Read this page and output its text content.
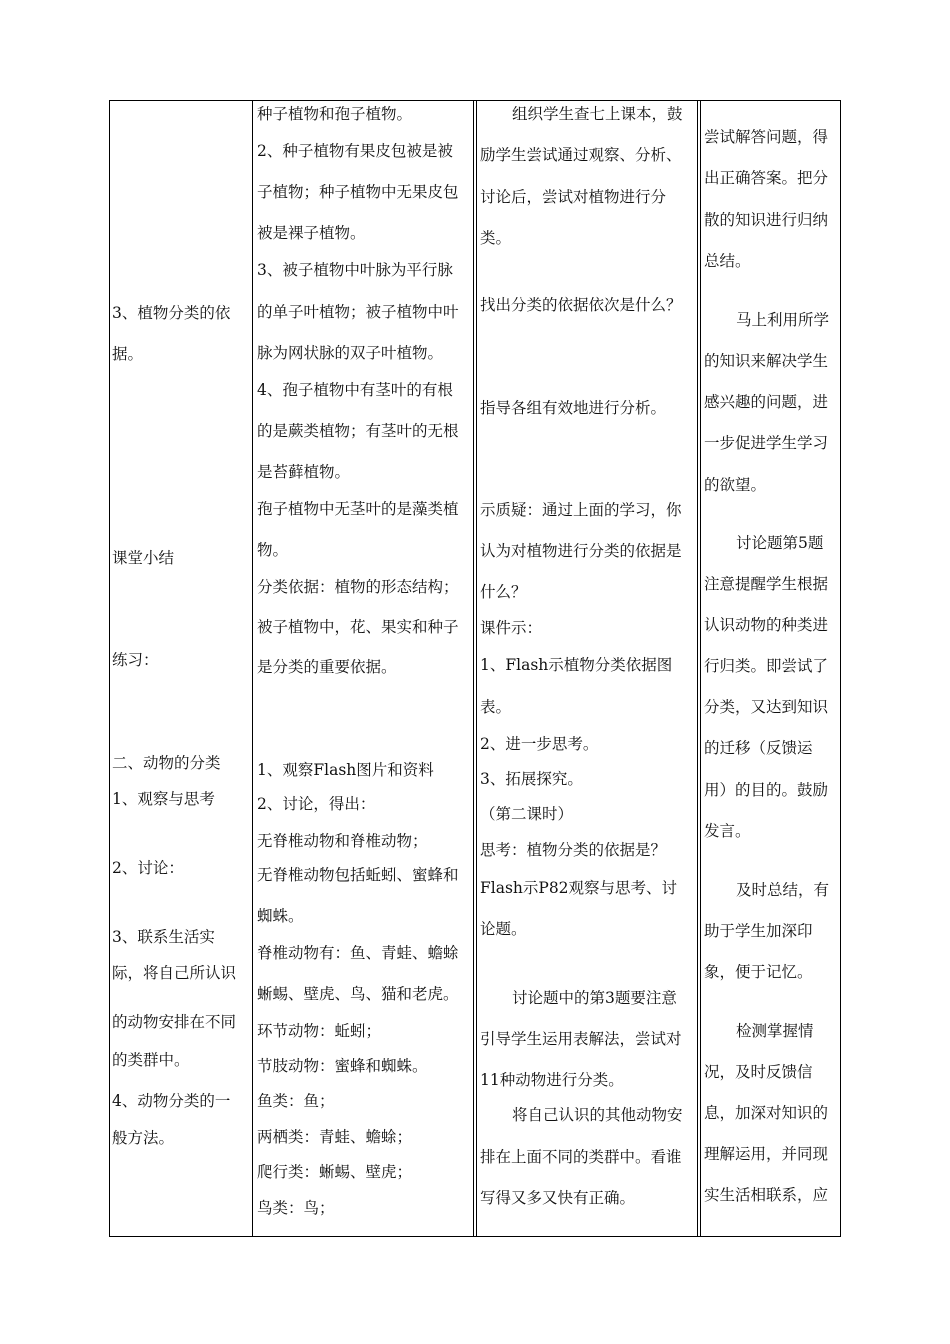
3、植物分类的依
据。
课堂小结
练习：
二、动物的分类
1、观察与思考
2、讨论：
3、联系生活实
际，将自己所认识
的动物安排在不同
的类群中。
4、动物分类的一
般方法。
种子植物和孢子植物。
2、种子植物有果皮包被是被
子植物；种子植物中无果皮包
被是裸子植物。
3、被子植物中叶脉为平行脉
的单子叶植物；被子植物中叶
脉为网状脉的双子叶植物。
4、孢子植物中有茎叶的有根
的是蕨类植物；有茎叶的无根
是苔藓植物。
孢子植物中无茎叶的是藻类植
物。
分类依据：植物的形态结构；
被子植物中，花、果实和种子
是分类的重要依据。
1、观察Flash图片和资料
2、讨论，得出：
无脊椎动物和脊椎动物；
无脊椎动物包括蚯蚓、蜜蜂和
蜘蛛。
脊椎动物有：鱼、青蛙、蟾蜍
蜥蜴、壁虎、鸟、猫和老虎。
环节动物：蚯蚓；
节肢动物：蜜蜂和蜘蛛。
鱼类：鱼；
两栖类：青蛙、蟾蜍；
爬行类：蜥蜴、壁虎；
鸟类：鸟；
组织学生查七上课本，鼓
励学生尝试通过观察、分析、
讨论后，尝试对植物进行分
类。
找出分类的依据依次是什么？
指导各组有效地进行分析。
示质疑：通过上面的学习，你
认为对植物进行分类的依据是
什么？
课件示：
1、Flash示植物分类依据图
表。
2、进一步思考。
3、拓展探究。
（第二课时）
思考：植物分类的依据是？
Flash示P82观察与思考、讨
论题。
讨论题中的第3题要注意
引导学生运用表解法，尝试对
11种动物进行分类。
将自己认识的其他动物安
排在上面不同的类群中。看谁
写得又多又快有正确。
尝试解答问题，得
出正确答案。把分
散的知识进行归纳
总结。
马上利用所学
的知识来解决学生
感兴趣的问题，进
一步促进学生学习
的欲望。
讨论题第5题
注意提醒学生根据
认识动物的种类进
行归类。即尝试了
分类，又达到知识
的迁移（反馈运
用）的目的。鼓励
发言。
及时总结，有
助于学生加深印
象，便于记忆。
检测掌握情
况，及时反馈信
息，加深对知识的
理解运用，并同现
实生活相联系，应
